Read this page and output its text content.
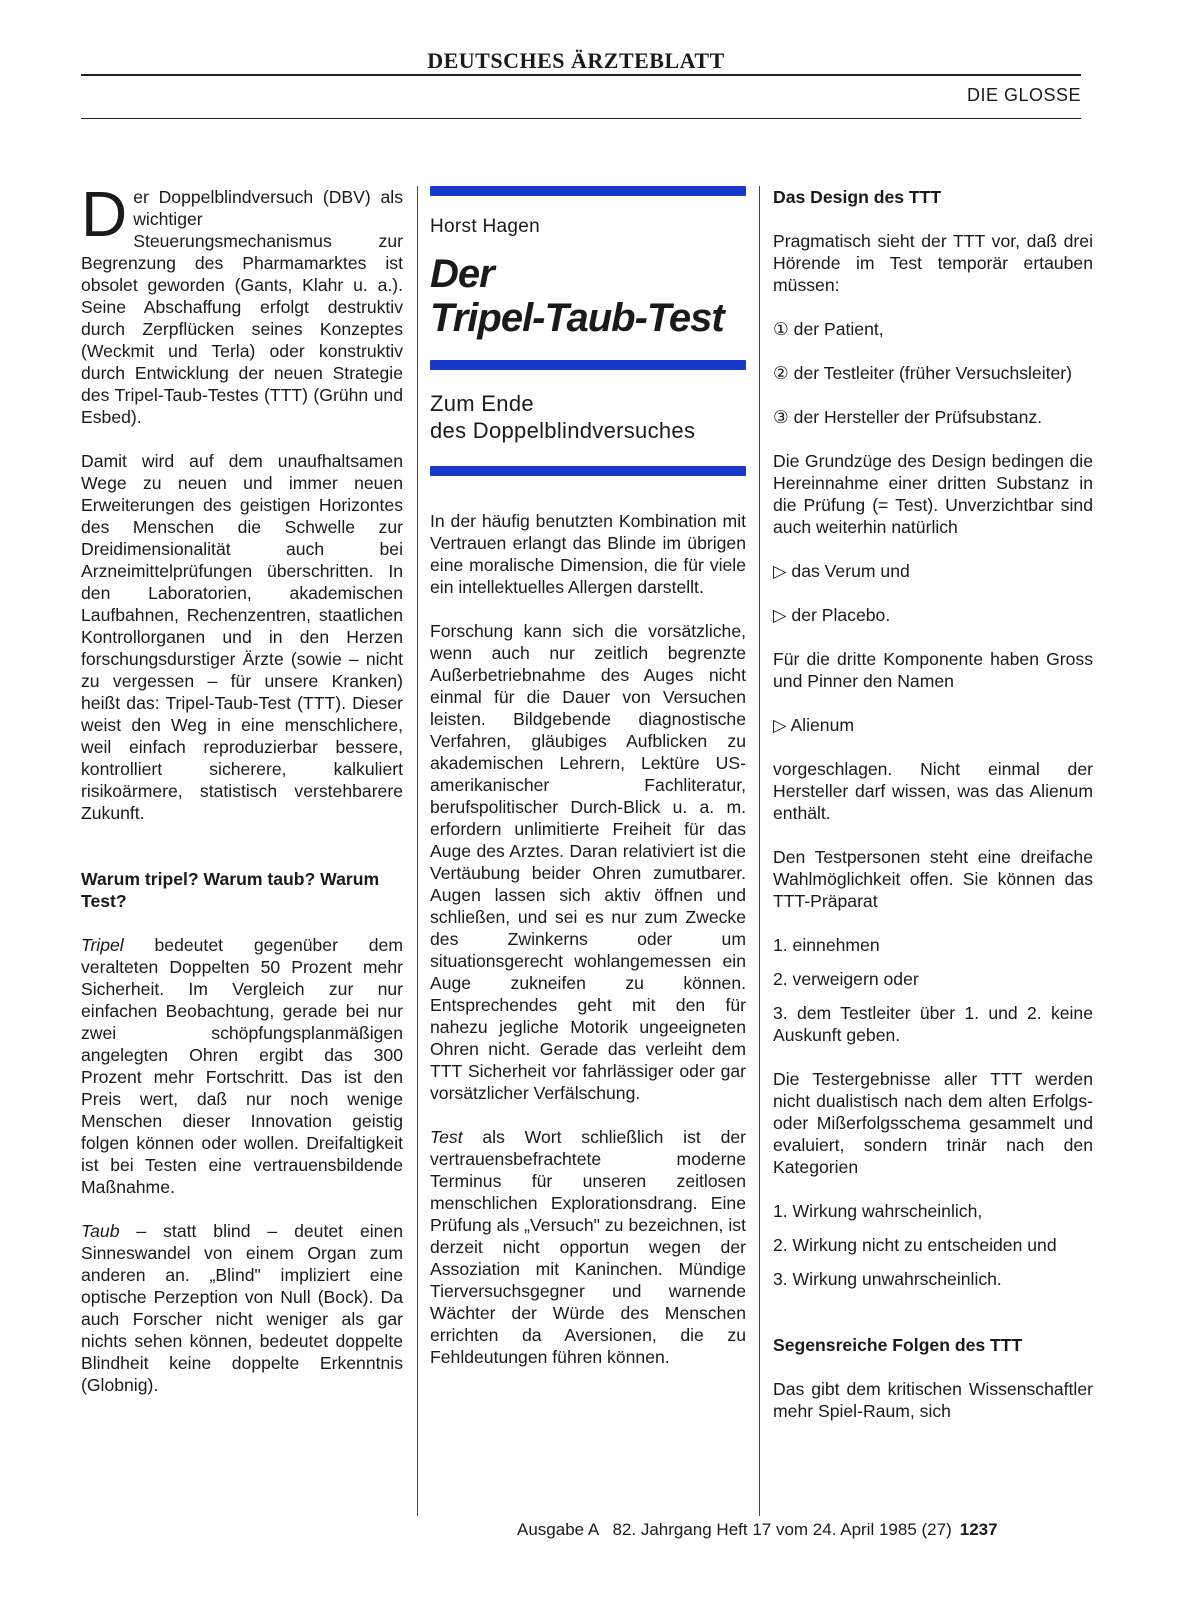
DEUTSCHES ÄRZTEBLATT
DIE GLOSSE

Der Doppelblindversuch (DBV) als wichtiger Steuerungsmechanismus zur Begrenzung des Pharmamarktes ist obsolet geworden (Gants, Klahr u. a.). Seine Abschaffung erfolgt destruktiv durch Zerpflücken seines Konzeptes (Weckmit und Terla) oder konstruktiv durch Entwicklung der neuen Strategie des Tripel-Taub-Testes (TTT) (Grühn und Esbed).

Damit wird auf dem unaufhaltsamen Wege zu neuen und immer neuen Erweiterungen des geistigen Horizontes des Menschen die Schwelle zur Dreidimensionalität auch bei Arzneimittelprüfungen überschritten. In den Laboratorien, akademischen Laufbahnen, Rechenzentren, staatlichen Kontrollorganen und in den Herzen forschungsdurstiger Ärzte (sowie – nicht zu vergessen – für unsere Kranken) heißt das: Tripel-Taub-Test (TTT). Dieser weist den Weg in eine menschlichere, weil einfach reproduzierbar bessere, kontrolliert sicherere, kalkuliert risikoärmere, statistisch verstehbarere Zukunft.

Warum tripel? Warum taub? Warum Test?

Tripel bedeutet gegenüber dem veralteten Doppelten 50 Prozent mehr Sicherheit. Im Vergleich zur nur einfachen Beobachtung, gerade bei nur zwei schöpfungsplanmäßigen angelegten Ohren ergibt das 300 Prozent mehr Fortschritt. Das ist den Preis wert, daß nur noch wenige Menschen dieser Innovation geistig folgen können oder wollen. Dreifaltigkeit ist bei Testen eine vertrauensbildende Maßnahme.

Taub – statt blind – deutet einen Sinneswandel von einem Organ zum anderen an. „Blind" impliziert eine optische Perzeption von Null (Bock). Da auch Forscher nicht weniger als gar nichts sehen können, bedeutet doppelte Blindheit keine doppelte Erkenntnis (Globnig).

Horst Hagen
Der
Tripel-Taub-Test
Zum Ende
des Doppelblindversuches

In der häufig benutzten Kombination mit Vertrauen erlangt das Blinde im übrigen eine moralische Dimension, die für viele ein intellektuelles Allergen darstellt.

Forschung kann sich die vorsätzliche, wenn auch nur zeitlich begrenzte Außerbetriebnahme des Auges nicht einmal für die Dauer von Versuchen leisten. Bildgebende diagnostische Verfahren, gläubiges Aufblicken zu akademischen Lehrern, Lektüre US-amerikanischer Fachliteratur, berufspolitischer Durch-Blick u. a. m. erfordern unlimitierte Freiheit für das Auge des Arztes. Daran relativiert ist die Vertäubung beider Ohren zumutbarer. Augen lassen sich aktiv öffnen und schließen, und sei es nur zum Zwecke des Zwinkerns oder um situationsgerecht wohlangemessen ein Auge zukneifen zu können. Entsprechendes geht mit den für nahezu jegliche Motorik ungeeigneten Ohren nicht. Gerade das verleiht dem TTT Sicherheit vor fahrlässiger oder gar vorsätzlicher Verfälschung.

Test als Wort schließlich ist der vertrauensbefrachtete moderne Terminus für unseren zeitlosen menschlichen Explorationsdrang. Eine Prüfung als „Versuch" zu bezeichnen, ist derzeit nicht opportun wegen der Assoziation mit Kaninchen. Mündige Tierversuchsgegner und warnende Wächter der Würde des Menschen errichten da Aversionen, die zu Fehldeutungen führen können.

Das Design des TTT

Pragmatisch sieht der TTT vor, daß drei Hörende im Test temporär ertauben müssen:

① der Patient,

② der Testleiter (früher Versuchsleiter)

③ der Hersteller der Prüfsubstanz.

Die Grundzüge des Design bedingen die Hereinnahme einer dritten Substanz in die Prüfung (= Test). Unverzichtbar sind auch weiterhin natürlich

▷ das Verum und

▷ der Placebo.

Für die dritte Komponente haben Gross und Pinner den Namen

▷ Alienum

vorgeschlagen. Nicht einmal der Hersteller darf wissen, was das Alienum enthält.

Den Testpersonen steht eine dreifache Wahlmöglichkeit offen. Sie können das TTT-Präparat

1. einnehmen

2. verweigern oder

3. dem Testleiter über 1. und 2. keine Auskunft geben.

Die Testergebnisse aller TTT werden nicht dualistisch nach dem alten Erfolgs- oder Mißerfolgsschema gesammelt und evaluiert, sondern trinär nach den Kategorien

1. Wirkung wahrscheinlich,

2. Wirkung nicht zu entscheiden und

3. Wirkung unwahrscheinlich.

Segensreiche Folgen des TTT

Das gibt dem kritischen Wissenschaftler mehr Spiel-Raum, sich

Ausgabe A   82. Jahrgang Heft 17 vom 24. April 1985 (27) 1237
